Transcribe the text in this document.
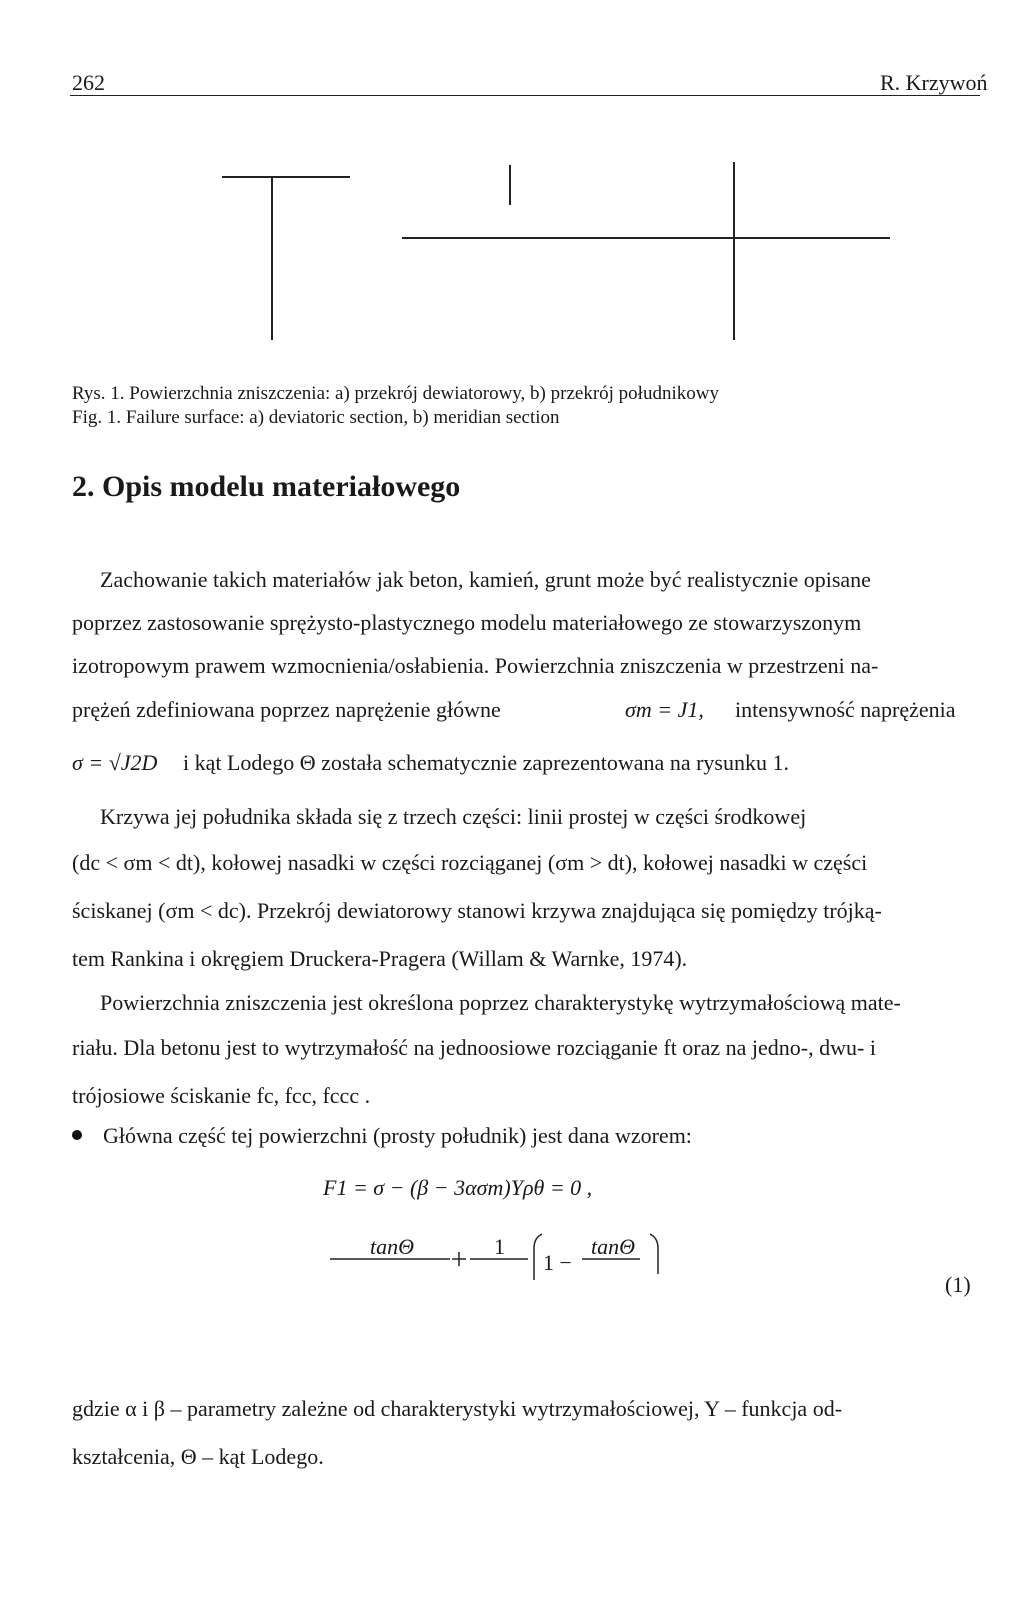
262	R. Krzywoń
Rys. 1. Powierzchnia zniszczenia: a) przekrój dewiatorowy, b) przekrój południkowy
Fig. 1. Failure surface: a) deviatoric section, b) meridian section
2. Opis modelu materiałowego
Zachowanie takich materiałów jak beton, kamień, grunt może być realistycznie opisane
poprzez zastosowanie sprężysto-plastycznego modelu materiałowego ze stowarzyszonym
izotropowym prawem wzmocnienia/osłabienia. Powierzchnia zniszczenia w przestrzeni na-
prężeń zdefiniowana poprzez naprężenie główne	σm = J1, intensywność naprężenia
σ = √J2D i kąt Lodego Θ została schematycznie zaprezentowana na rysunku 1.
Krzywa jej południka składa się z trzech części: linii prostej w części środkowej
(dc < σm < dt), kołowej nasadki w części rozciąganej (σm > dt), kołowej nasadki w części
ściskanej (σm < dc). Przekrój dewiatorowy stanowi krzywa znajdująca się pomiędzy trójką-
tem Rankina i okręgiem Druckera-Pragera (Willam & Warnke, 1974).
Powierzchnia zniszczenia jest określona poprzez charakterystykę wytrzymałościową mate-
riału. Dla betonu jest to wytrzymałość na jednoosiowe rozciąganie ft oraz na jedno-, dwu- i
trójosiowe ściskanie fc, fcc, fccc .
Główna część tej powierzchni (prosty południk) jest dana wzorem:
F1 = σ − (β − 3ασm)Yρθ = 0 ,
tanΘ	1	tanΘ
1 −
(1)
gdzie α i β – parametry zależne od charakterystyki wytrzymałościowej, Y – funkcja od-
kształcenia, Θ – kąt Lodego.
